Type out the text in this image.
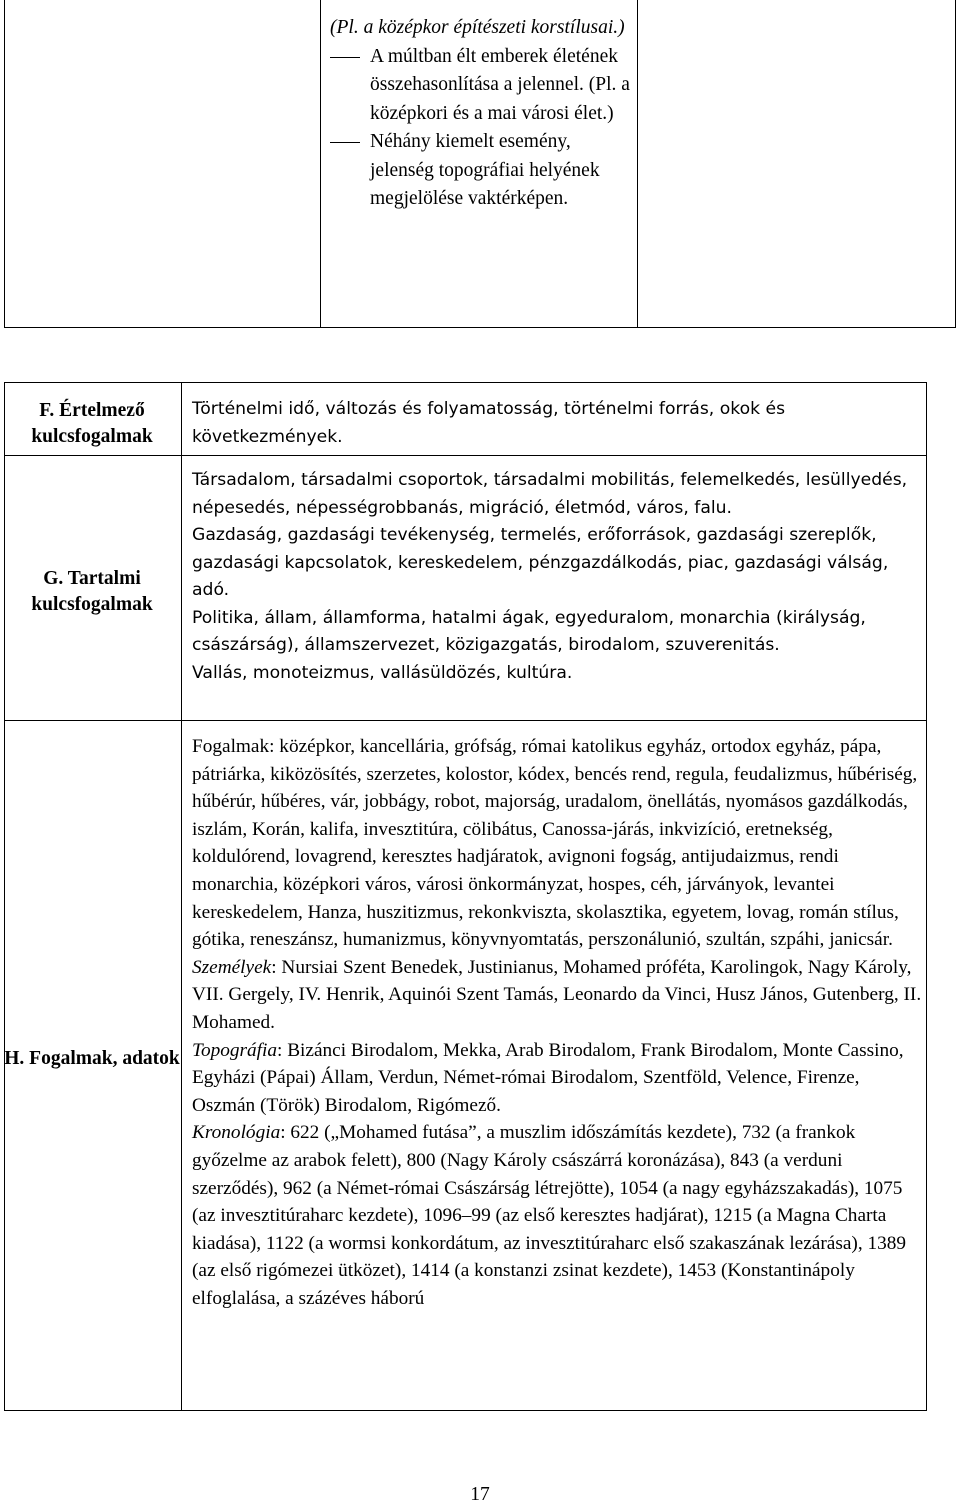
(Pl. a középkor építészeti korstílusai.)

A múltban élt emberek életének összehasonlítása a jelennel. (Pl. a középkori és a mai városi élet.)
Néhány kiemelt esemény, jelenség topográfiai helyének megjelölése vaktérképen.
F. Értelmező kulcsfogalmak
G. Tartalmi kulcsfogalmak
H. Fogalmak, adatok

Történelmi idő, változás és folyamatosság, történelmi forrás, okok és következmények.

Társadalom, társadalmi csoportok, társadalmi mobilitás, felemelkedés, lesüllyedés, népesedés, népességrobbanás, migráció, életmód, város, falu.

Gazdaság, gazdasági tevékenység, termelés, erőforrások, gazdasági szereplők, gazdasági kapcsolatok, kereskedelem, pénzgazdálkodás, piac, gazdasági válság, adó.

Politika, állam, államforma, hatalmi ágak, egyeduralom, monarchia (királyság, császárság), államszervezet, közigazgatás, birodalom, szuverenitás.

Vallás, monoteizmus, vallásüldözés, kultúra.

Fogalmak: középkor, kancellária, grófság, római katolikus egyház, ortodox egyház, pápa, pátriárka, kiközösítés, szerzetes, kolostor, kódex, bencés rend, regula, feudalizmus, hűbériség, hűbérúr, hűbéres, vár, jobbágy, robot, majorság, uradalom, önellátás, nyomásos gazdálkodás, iszlám, Korán, kalifa, invesztitúra, cölibátus, Canossa-járás, inkvizíció, eretnekség, koldulórend, lovagrend, keresztes hadjáratok, avignoni fogság, antijudaizmus, rendi monarchia, középkori város, városi önkormányzat, hospes, céh, járványok, levantei kereskedelem, Hanza, huszitizmus, rekonkviszta, skolasztika, egyetem, lovag, román stílus, gótika, reneszánsz, humanizmus, könyvnyomtatás, perszonálunió, szultán, szpáhi, janicsár.

Személyek: Nursiai Szent Benedek, Justinianus, Mohamed próféta, Karolingok, Nagy Károly, VII. Gergely, IV. Henrik, Aquinói Szent Tamás, Leonardo da Vinci, Husz János, Gutenberg, II. Mohamed.

Topográfia: Bizánci Birodalom, Mekka, Arab Birodalom, Frank Birodalom, Monte Cassino, Egyházi (Pápai) Állam, Verdun, Német-római Birodalom, Szentföld, Velence, Firenze, Oszmán (Török) Birodalom, Rigómező.

Kronológia: 622 („Mohamed futása”, a muszlim időszámítás kezdete), 732 (a frankok győzelme az arabok felett), 800 (Nagy Károly császárrá koronázása), 843 (a verduni szerződés), 962 (a Német-római Császárság létrejötte), 1054 (a nagy egyházszakadás), 1075 (az invesztitúraharc kezdete), 1096–99 (az első keresztes hadjárat), 1215 (a Magna Charta kiadása), 1122 (a wormsi konkordátum, az invesztitúraharc első szakaszának lezárása), 1389 (az első rigómezei ütközet), 1414 (a konstanzi zsinat kezdete), 1453 (Konstantinápoly elfoglalása, a százéves háború

17
